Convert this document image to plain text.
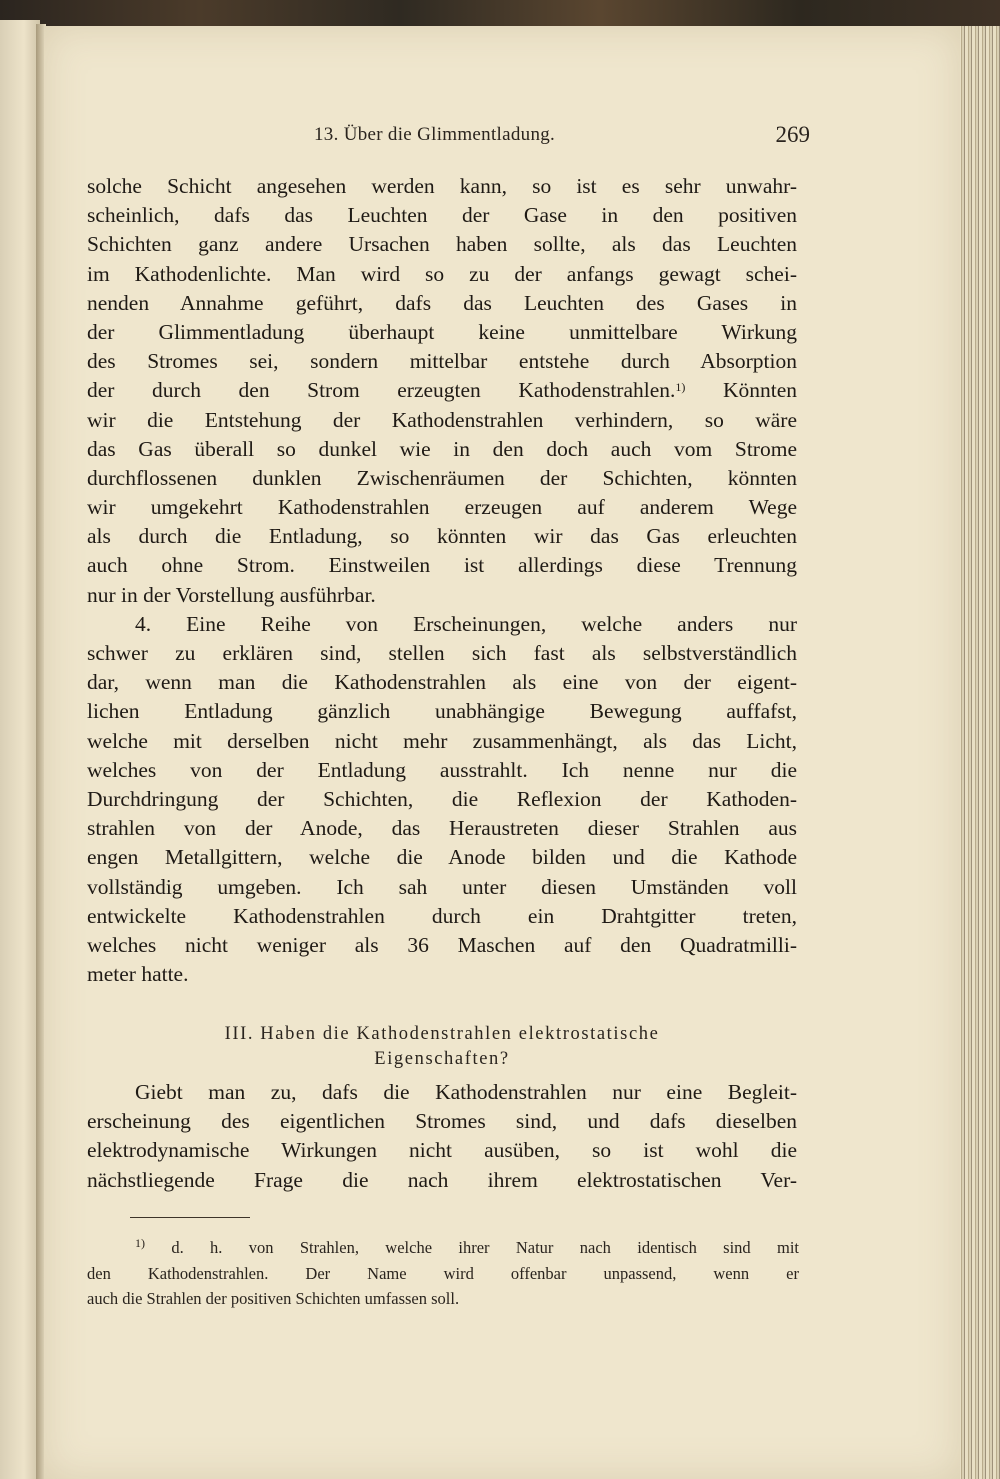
13. Über die Glimmentladung.	269
solche Schicht angesehen werden kann, so ist es sehr unwahr-
scheinlich, dafs das Leuchten der Gase in den positiven
Schichten ganz andere Ursachen haben sollte, als das Leuchten
im Kathodenlichte. Man wird so zu der anfangs gewagt schei-
nenden Annahme geführt, dafs das Leuchten des Gases in
der Glimmentladung überhaupt keine unmittelbare Wirkung
des Stromes sei, sondern mittelbar entstehe durch Absorption
der durch den Strom erzeugten Kathodenstrahlen.$^{1)}$ Könnten
wir die Entstehung der Kathodenstrahlen verhindern, so wäre
das Gas überall so dunkel wie in den doch auch vom Strome
durchflossenen dunklen Zwischenräumen der Schichten, könnten
wir umgekehrt Kathodenstrahlen erzeugen auf anderem Wege
als durch die Entladung, so könnten wir das Gas erleuchten
auch ohne Strom. Einstweilen ist allerdings diese Trennung
nur in der Vorstellung ausführbar.
4. Eine Reihe von Erscheinungen, welche anders nur
schwer zu erklären sind, stellen sich fast als selbstverständlich
dar, wenn man die Kathodenstrahlen als eine von der eigent-
lichen Entladung gänzlich unabhängige Bewegung auffafst,
welche mit derselben nicht mehr zusammenhängt, als das Licht,
welches von der Entladung ausstrahlt. Ich nenne nur die
Durchdringung der Schichten, die Reflexion der Kathoden-
strahlen von der Anode, das Heraustreten dieser Strahlen aus
engen Metallgittern, welche die Anode bilden und die Kathode
vollständig umgeben. Ich sah unter diesen Umständen voll
entwickelte Kathodenstrahlen durch ein Drahtgitter treten,
welches nicht weniger als 36 Maschen auf den Quadratmilli-
meter hatte.
III. Haben die Kathodenstrahlen elektrostatische
Eigenschaften?
Giebt man zu, dafs die Kathodenstrahlen nur eine Begleit-
erscheinung des eigentlichen Stromes sind, und dafs dieselben
elektrodynamische Wirkungen nicht ausüben, so ist wohl die
nächstliegende Frage die nach ihrem elektrostatischen Ver-
$^{1)}$ d. h. von Strahlen, welche ihrer Natur nach identisch sind mit
den Kathodenstrahlen. Der Name wird offenbar unpassend, wenn er
auch die Strahlen der positiven Schichten umfassen soll.
